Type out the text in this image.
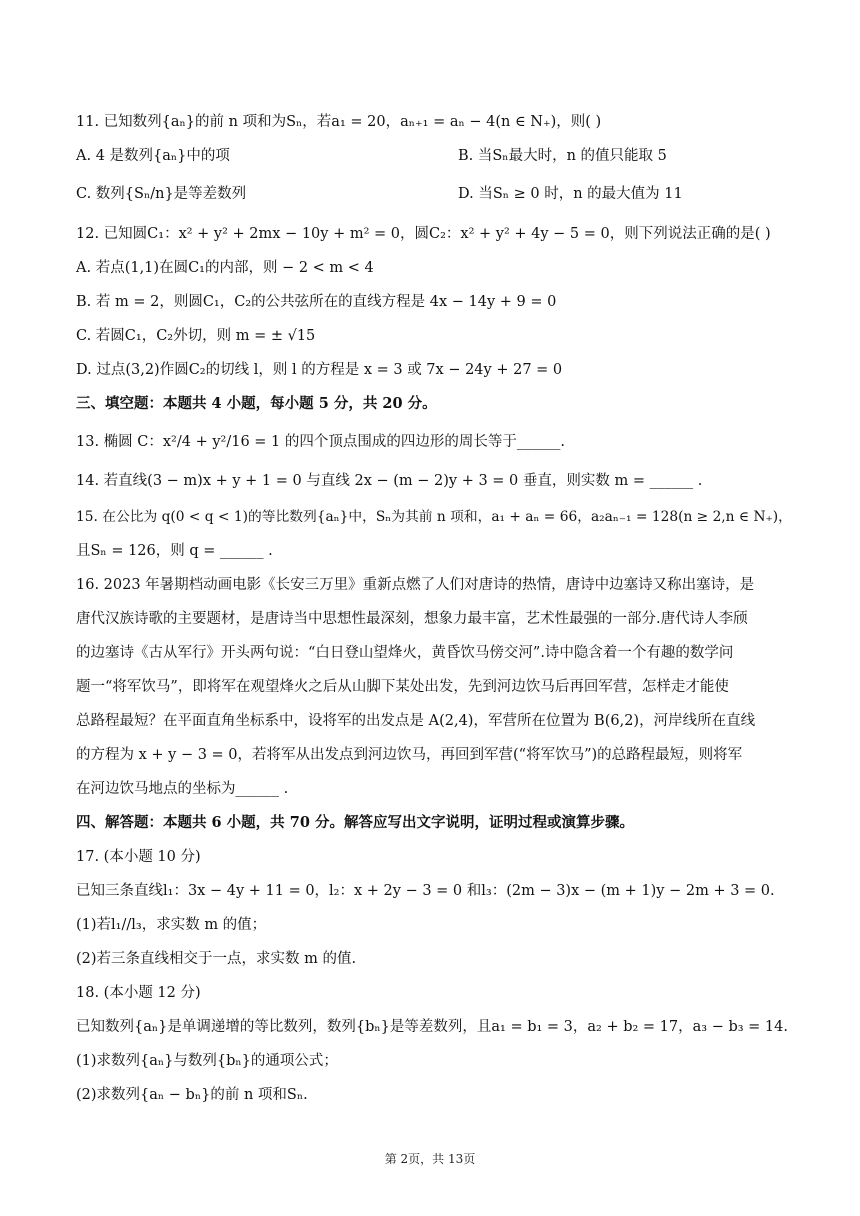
11. 已知数列{aₙ}的前 n 项和为Sₙ，若a₁ = 20，aₙ₊₁ = aₙ − 4(n ∈ N₊)，则( )
A. 4 是数列{aₙ}中的项	B. 当Sₙ最大时，n 的值只能取 5
C. 数列{Sₙ/n}是等差数列	D. 当Sₙ ≥ 0 时，n 的最大值为 11
12. 已知圆C₁：x² + y² + 2mx − 10y + m² = 0，圆C₂：x² + y² + 4y − 5 = 0，则下列说法正确的是( )
A. 若点(1,1)在圆C₁的内部，则 − 2 < m < 4
B. 若 m = 2，则圆C₁，C₂的公共弦所在的直线方程是 4x − 14y + 9 = 0
C. 若圆C₁，C₂外切，则 m = ± √15
D. 过点(3,2)作圆C₂的切线 l，则 l 的方程是 x = 3 或 7x − 24y + 27 = 0
三、填空题：本题共 4 小题，每小题 5 分，共 20 分。
13. 椭圆 C：x²/4 + y²/16 = 1 的四个顶点围成的四边形的周长等于______.
14. 若直线(3 − m)x + y + 1 = 0 与直线 2x − (m − 2)y + 3 = 0 垂直，则实数 m = ______ .
15. 在公比为 q(0 < q < 1)的等比数列{aₙ}中，Sₙ为其前 n 项和，a₁ + aₙ = 66，a₂aₙ₋₁ = 128(n ≥ 2,n ∈ N₊)，
且Sₙ = 126，则 q = ______ .
16. 2023 年暑期档动画电影《长安三万里》重新点燃了人们对唐诗的热情，唐诗中边塞诗又称出塞诗，是
唐代汉族诗歌的主要题材，是唐诗当中思想性最深刻，想象力最丰富，艺术性最强的一部分.唐代诗人李颀
的边塞诗《古从军行》开头两句说：“白日登山望烽火，黄昏饮马傍交河”.诗中隐含着一个有趣的数学问
题一“将军饮马”，即将军在观望烽火之后从山脚下某处出发，先到河边饮马后再回军营，怎样走才能使
总路程最短？在平面直角坐标系中，设将军的出发点是 A(2,4)，军营所在位置为 B(6,2)，河岸线所在直线
的方程为 x + y − 3 = 0，若将军从出发点到河边饮马，再回到军营(“将军饮马”)的总路程最短，则将军
在河边饮马地点的坐标为______ .
四、解答题：本题共 6 小题，共 70 分。解答应写出文字说明，证明过程或演算步骤。
17. (本小题 10 分)
已知三条直线l₁：3x − 4y + 11 = 0，l₂：x + 2y − 3 = 0 和l₃：(2m − 3)x − (m + 1)y − 2m + 3 = 0.
(1)若l₁//l₃，求实数 m 的值；
(2)若三条直线相交于一点，求实数 m 的值.
18. (本小题 12 分)
已知数列{aₙ}是单调递增的等比数列，数列{bₙ}是等差数列，且a₁ = b₁ = 3，a₂ + b₂ = 17，a₃ − b₃ = 14.
(1)求数列{aₙ}与数列{bₙ}的通项公式；
(2)求数列{aₙ − bₙ}的前 n 项和Sₙ.
第 2页，共 13页
